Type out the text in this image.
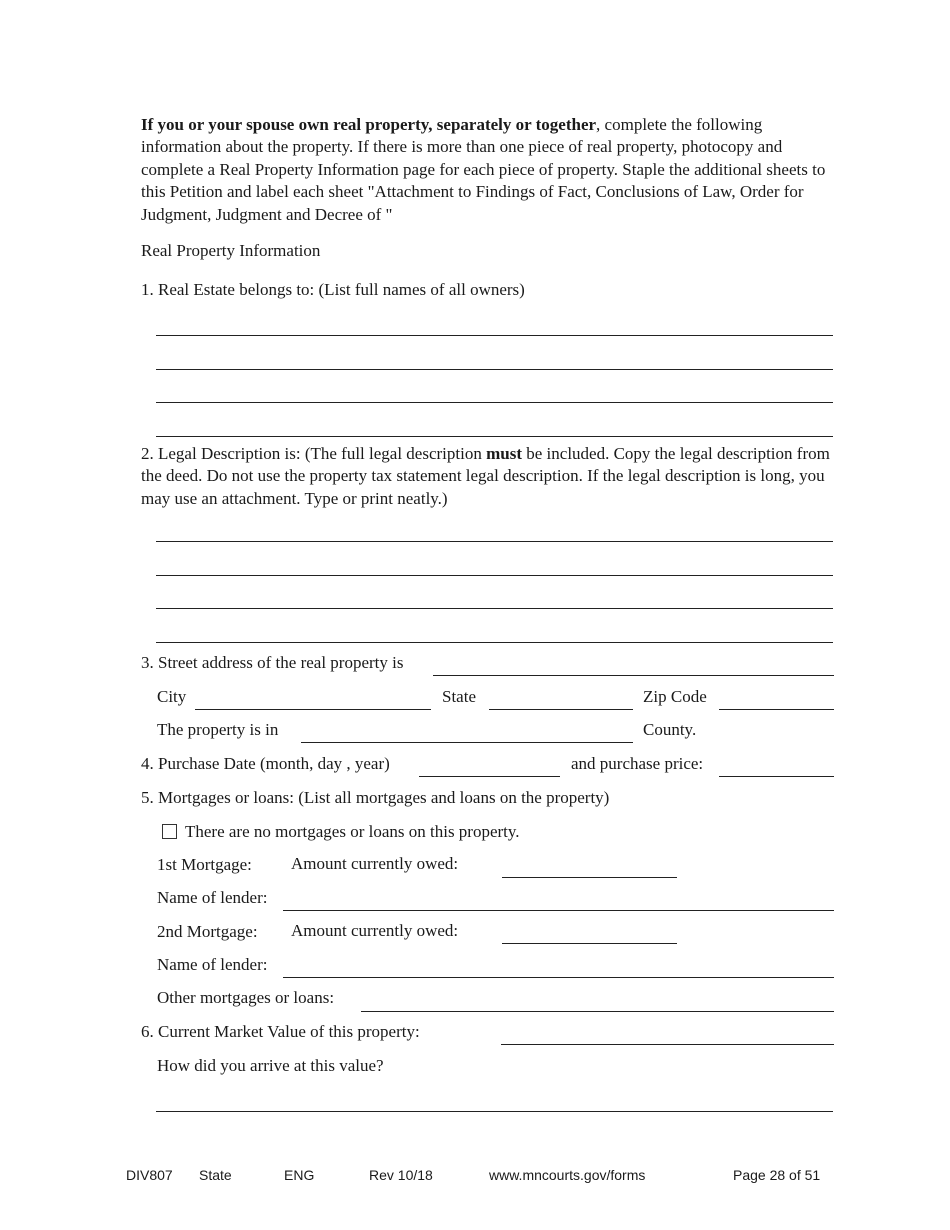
If you or your spouse own real property, separately or together, complete the following information about the property. If there is more than one piece of real property, photocopy and complete a Real Property Information page for each piece of property. Staple the additional sheets to this Petition and label each sheet "Attachment to Findings of Fact, Conclusions of Law, Order for Judgment, Judgment and Decree of "
Real Property Information
1. Real Estate belongs to: (List full names of all owners)
2. Legal Description is: (The full legal description must be included. Copy the legal description from the deed. Do not use the property tax statement legal description. If the legal description is long, you may use an attachment. Type or print neatly.)
3. Street address of the real property is
City	State	Zip Code
The property is in	County.
4. Purchase Date (month, day , year)	and purchase price:
5. Mortgages or loans: (List all mortgages and loans on the property)
There are no mortgages or loans on this property.
1st Mortgage: Amount currently owed:
Name of lender:
2nd Mortgage: Amount currently owed:
Name of lender:
Other mortgages or loans:
6. Current Market Value of this property:
How did you arrive at this value?
DIV807 State	ENG	Rev 10/18	www.mncourts.gov/forms	Page 28 of 51
